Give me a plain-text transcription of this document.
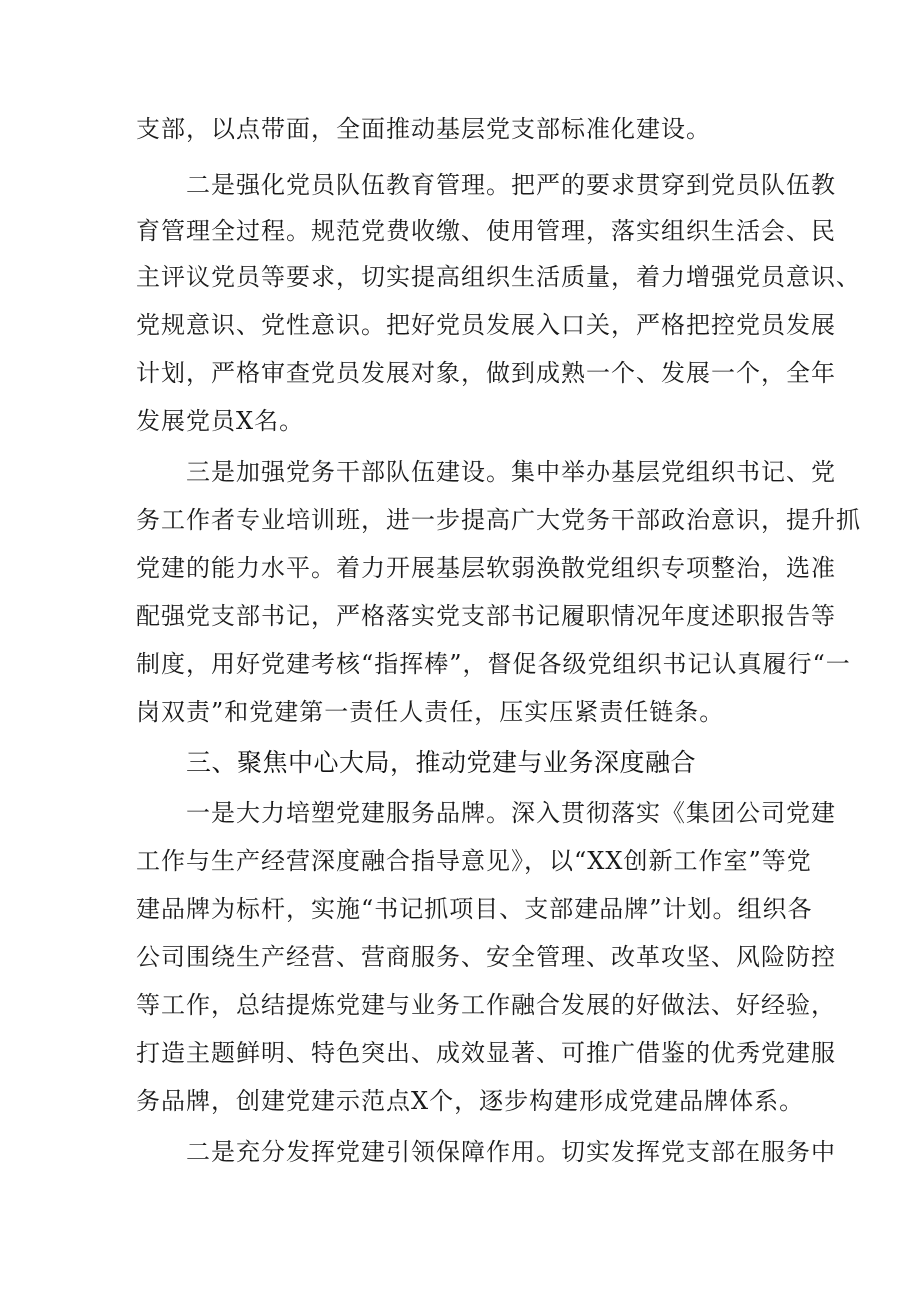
支部，以点带面，全面推动基层党支部标准化建设。
二是强化党员队伍教育管理。把严的要求贯穿到党员队伍教
育管理全过程。规范党费收缴、使用管理，落实组织生活会、民
主评议党员等要求，切实提高组织生活质量，着力增强党员意识、
党规意识、党性意识。把好党员发展入口关，严格把控党员发展
计划，严格审查党员发展对象，做到成熟一个、发展一个，全年
发展党员X名。
三是加强党务干部队伍建设。集中举办基层党组织书记、党
务工作者专业培训班，进一步提高广大党务干部政治意识，提升抓
党建的能力水平。着力开展基层软弱涣散党组织专项整治，选准
配强党支部书记，严格落实党支部书记履职情况年度述职报告等
制度，用好党建考核“指挥棒”，督促各级党组织书记认真履行“一
岗双责”和党建第一责任人责任，压实压紧责任链条。
三、聚焦中心大局，推动党建与业务深度融合
一是大力培塑党建服务品牌。深入贯彻落实《集团公司党建
工作与生产经营深度融合指导意见》，以“XX创新工作室”等党
建品牌为标杆，实施“书记抓项目、支部建品牌”计划。组织各
公司围绕生产经营、营商服务、安全管理、改革攻坚、风险防控
等工作，总结提炼党建与业务工作融合发展的好做法、好经验，
打造主题鲜明、特色突出、成效显著、可推广借鉴的优秀党建服
务品牌，创建党建示范点X个，逐步构建形成党建品牌体系。
二是充分发挥党建引领保障作用。切实发挥党支部在服务中
